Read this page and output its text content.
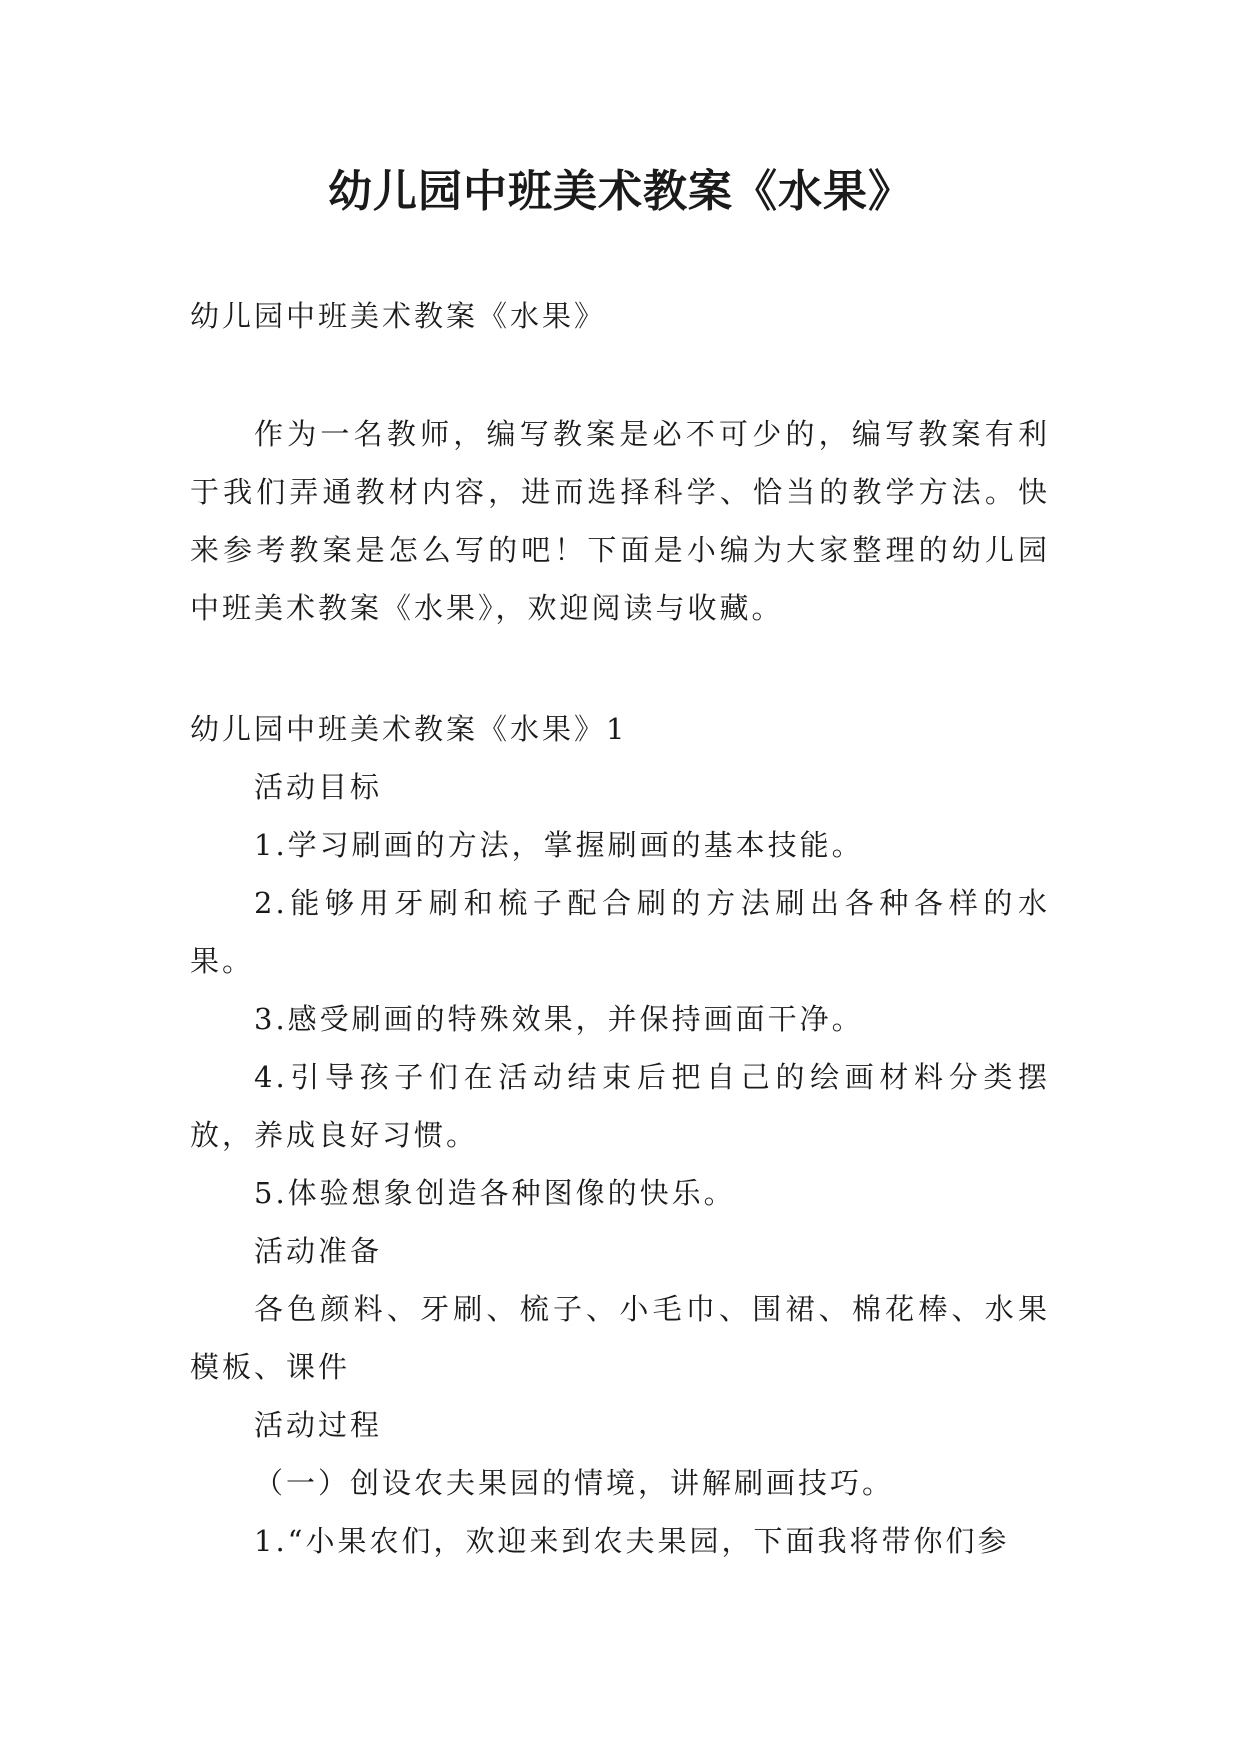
幼儿园中班美术教案《水果》

幼儿园中班美术教案《水果》

作为一名教师，编写教案是必不可少的，编写教案有利于我们弄通教材内容，进而选择科学、恰当的教学方法。快来参考教案是怎么写的吧！下面是小编为大家整理的幼儿园中班美术教案《水果》，欢迎阅读与收藏。

幼儿园中班美术教案《水果》1

活动目标

1.学习刷画的方法，掌握刷画的基本技能。

2.能够用牙刷和梳子配合刷的方法刷出各种各样的水果。

3.感受刷画的特殊效果，并保持画面干净。

4.引导孩子们在活动结束后把自己的绘画材料分类摆放，养成良好习惯。

5.体验想象创造各种图像的快乐。

活动准备

各色颜料、牙刷、梳子、小毛巾、围裙、棉花棒、水果模板、课件

活动过程

（一）创设农夫果园的情境，讲解刷画技巧。

1.“小果农们，欢迎来到农夫果园，下面我将带你们参
